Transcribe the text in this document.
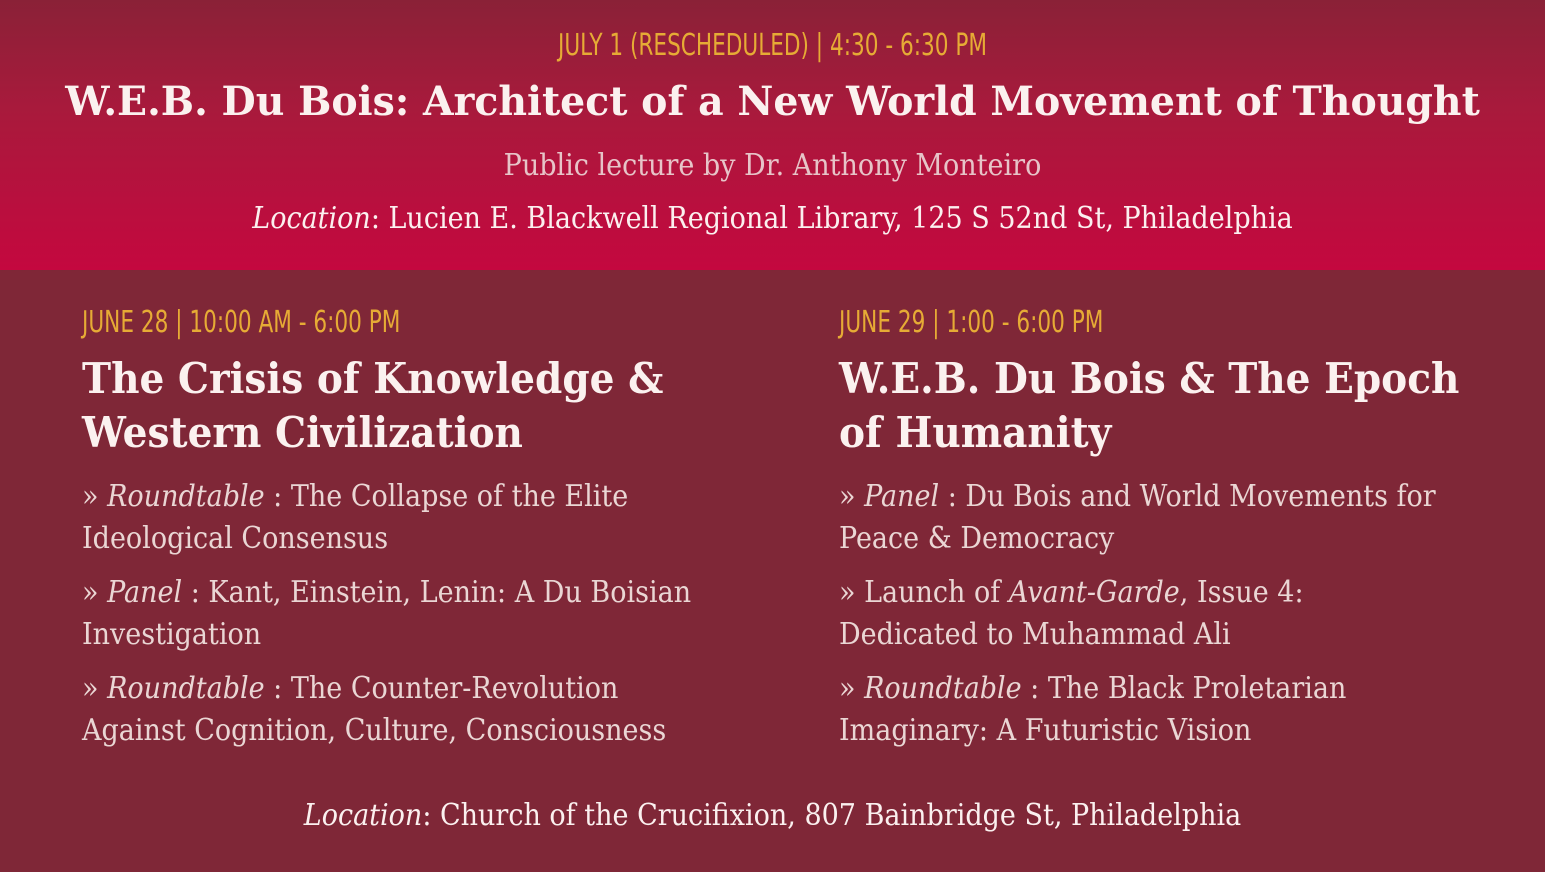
JULY 1 (RESCHEDULED) | 4:30 - 6:30 PM
W.E.B. Du Bois: Architect of a New World Movement of Thought
Public lecture by Dr. Anthony Monteiro
Location: Lucien E. Blackwell Regional Library, 125 S 52nd St, Philadelphia
JUNE 28 | 10:00 AM - 6:00 PM
The Crisis of Knowledge &
Western Civilization
» Roundtable : The Collapse of the Elite
Ideological Consensus
» Panel : Kant, Einstein, Lenin: A Du Boisian
Investigation
» Roundtable : The Counter-Revolution
Against Cognition, Culture, Consciousness
JUNE 29 | 1:00 - 6:00 PM
W.E.B. Du Bois & The Epoch
of Humanity
» Panel : Du Bois and World Movements for
Peace & Democracy
» Launch of Avant-Garde, Issue 4:
Dedicated to Muhammad Ali
» Roundtable : The Black Proletarian
Imaginary: A Futuristic Vision
Location: Church of the Crucifixion, 807 Bainbridge St, Philadelphia
